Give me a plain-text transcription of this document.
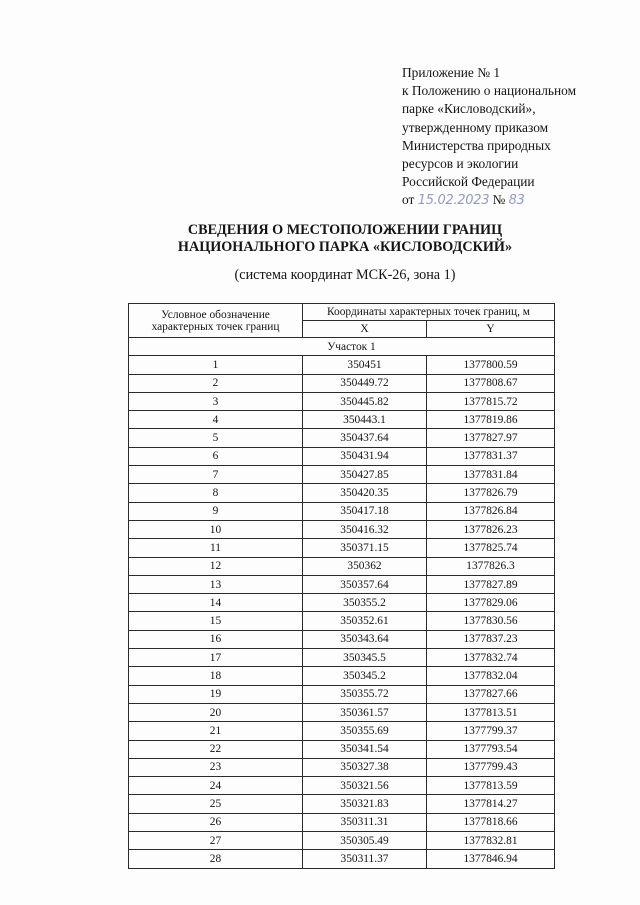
Приложение № 1
к Положению о национальном
парке «Кисловодский»,
утвержденному приказом
Министерства природных
ресурсов и экологии
Российской Федерации
от 15.02.2023 № 83
СВЕДЕНИЯ О МЕСТОПОЛОЖЕНИИ ГРАНИЦ
НАЦИОНАЛЬНОГО ПАРКА «КИСЛОВОДСКИЙ»
(система координат МСК-26, зона 1)
Условное обозначение характерных точек границ	Координаты характерных точек границ, м	
	X	Y
Участок 1		
1	350451	1377800.59
2	350449.72	1377808.67
3	350445.82	1377815.72
4	350443.1	1377819.86
5	350437.64	1377827.97
6	350431.94	1377831.37
7	350427.85	1377831.84
8	350420.35	1377826.79
9	350417.18	1377826.84
10	350416.32	1377826.23
11	350371.15	1377825.74
12	350362	1377826.3
13	350357.64	1377827.89
14	350355.2	1377829.06
15	350352.61	1377830.56
16	350343.64	1377837.23
17	350345.5	1377832.74
18	350345.2	1377832.04
19	350355.72	1377827.66
20	350361.57	1377813.51
21	350355.69	1377799.37
22	350341.54	1377793.54
23	350327.38	1377799.43
24	350321.56	1377813.59
25	350321.83	1377814.27
26	350311.31	1377818.66
27	350305.49	1377832.81
28	350311.37	1377846.94
